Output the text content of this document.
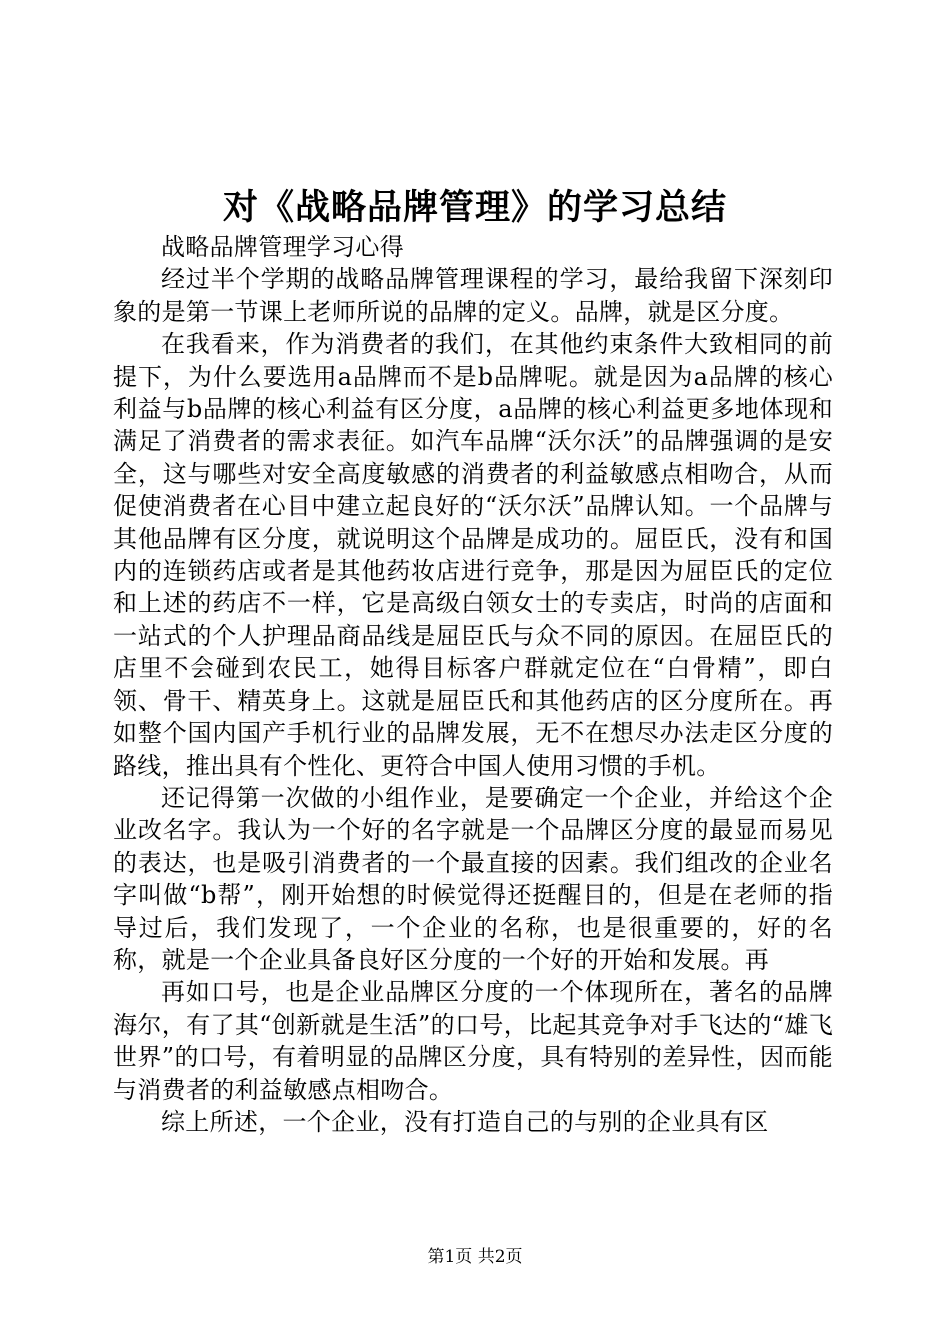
对《战略品牌管理》的学习总结

战略品牌管理学习心得

经过半个学期的战略品牌管理课程的学习，最给我留下深刻印象的是第一节课上老师所说的品牌的定义。品牌，就是区分度。

在我看来，作为消费者的我们，在其他约束条件大致相同的前提下，为什么要选用a品牌而不是b品牌呢。就是因为a品牌的核心利益与b品牌的核心利益有区分度，a品牌的核心利益更多地体现和满足了消费者的需求表征。如汽车品牌“沃尔沃”的品牌强调的是安全，这与哪些对安全高度敏感的消费者的利益敏感点相吻合，从而促使消费者在心目中建立起良好的“沃尔沃”品牌认知。一个品牌与其他品牌有区分度，就说明这个品牌是成功的。屈臣氏，没有和国内的连锁药店或者是其他药妆店进行竞争，那是因为屈臣氏的定位和上述的药店不一样，它是高级白领女士的专卖店，时尚的店面和一站式的个人护理品商品线是屈臣氏与众不同的原因。在屈臣氏的店里不会碰到农民工，她得目标客户群就定位在“白骨精”，即白领、骨干、精英身上。这就是屈臣氏和其他药店的区分度所在。再如整个国内国产手机行业的品牌发展，无不在想尽办法走区分度的路线，推出具有个性化、更符合中国人使用习惯的手机。

还记得第一次做的小组作业，是要确定一个企业，并给这个企业改名字。我认为一个好的名字就是一个品牌区分度的最显而易见的表达，也是吸引消费者的一个最直接的因素。我们组改的企业名字叫做“b帮”，刚开始想的时候觉得还挺醒目的，但是在老师的指导过后，我们发现了，一个企业的名称，也是很重要的，好的名称，就是一个企业具备良好区分度的一个好的开始和发展。再

再如口号，也是企业品牌区分度的一个体现所在，著名的品牌海尔，有了其“创新就是生活”的口号，比起其竞争对手飞达的“雄飞世界”的口号，有着明显的品牌区分度，具有特别的差异性，因而能与消费者的利益敏感点相吻合。

综上所述，一个企业，没有打造自己的与别的企业具有区

第1页 共2页
